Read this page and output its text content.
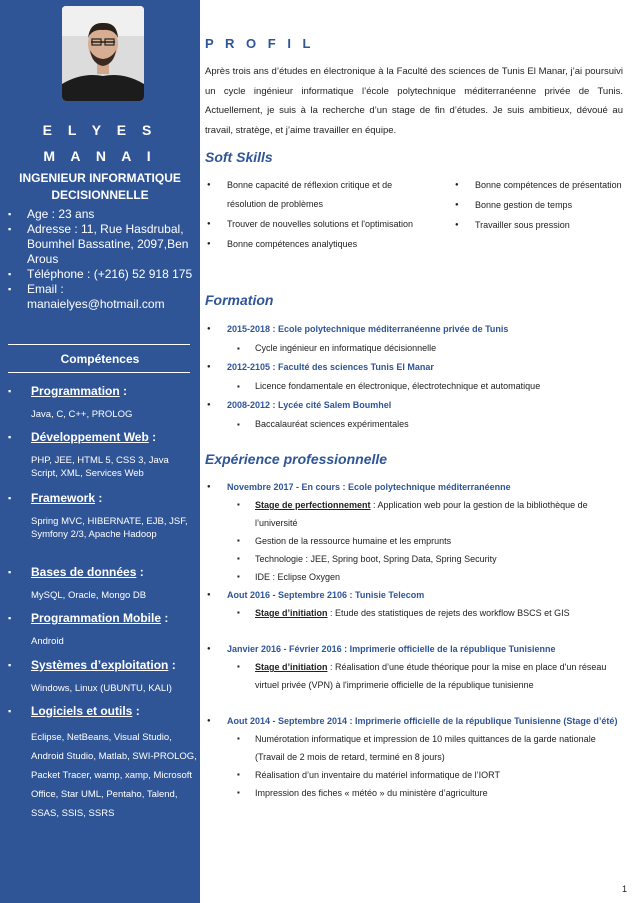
E L Y E S
M A N A I
INGENIEUR INFORMATIQUE DECISIONNELLE
▪ Age : 23 ans
▪ Adresse : 11, Rue Hasdrubal, Boumhel Bassatine, 2097,Ben Arous
▪ Téléphone : (+216) 52 918 175
▪ Email : manaielyes@hotmail.com
Compétences
▪ Programmation :
Java, C, C++, PROLOG
▪ Développement Web :
PHP, JEE, HTML 5, CSS 3, Java Script, XML, Services Web
▪ Framework :
Spring MVC, HIBERNATE, EJB, JSF, Symfony 2/3, Apache Hadoop
▪ Bases de données :
MySQL, Oracle, Mongo DB
▪ Programmation Mobile :
Android
▪ Systèmes d’exploitation :
Windows, Linux (UBUNTU, KALI)
▪ Logiciels et outils :
Eclipse, NetBeans, Visual Studio, Android Studio, Matlab, SWI-PROLOG, Packet Tracer, wamp, xamp, Microsoft Office, Star UML, Pentaho, Talend, SSAS, SSIS, SSRS
P R O F I L
Après trois ans d’études en électronique à la Faculté des sciences de Tunis El Manar, j’ai poursuivi un cycle ingénieur informatique l’école polytechnique méditerranéenne privée de Tunis. Actuellement, je suis à la recherche d’un stage de fin d’études. Je suis ambitieux, dévoué au travail, stratège, et j’aime travailler en équipe.
Soft Skills
● Bonne capacité de réflexion critique et de résolution de problèmes
● Trouver de nouvelles solutions et l'optimisation
● Bonne compétences analytiques
● Bonne compétences de présentation
● Bonne gestion de temps
● Travailler sous pression
Formation
● 2015-2018 : Ecole polytechnique méditerranéenne privée de Tunis
▪ Cycle ingénieur en informatique décisionnelle
● 2012-2105 : Faculté des sciences Tunis El Manar
▪ Licence fondamentale en électronique, électrotechnique et automatique
● 2008-2012 : Lycée cité Salem Boumhel
▪ Baccalauréat sciences expérimentales
Expérience professionnelle
● Novembre 2017 - En cours : Ecole polytechnique méditerranéenne
▪ Stage de perfectionnement : Application web pour la gestion de la bibliothèque de l’université
▪ Gestion de la ressource humaine et les emprunts
▪ Technologie : JEE, Spring boot, Spring Data, Spring Security
▪ IDE : Eclipse Oxygen
● Aout 2016 - Septembre 2106 : Tunisie Telecom
▪ Stage d’initiation : Etude des statistiques de rejets des workflow BSCS et GIS
● Janvier 2016 - Février 2016 : Imprimerie officielle de la république Tunisienne
▪ Stage d’initiation : Réalisation d’une étude théorique pour la mise en place d'un réseau virtuel privée (VPN) à l'imprimerie officielle de la république tunisienne
● Aout 2014 - Septembre 2014 : Imprimerie officielle de la république Tunisienne (Stage d’été)
▪ Numérotation informatique et impression de 10 miles quittances de la garde nationale (Travail de 2 mois de retard, terminé en 8 jours)
▪ Réalisation d’un inventaire du matériel informatique de l’IORT
▪ Impression des fiches « météo » du ministère d’agriculture
1
